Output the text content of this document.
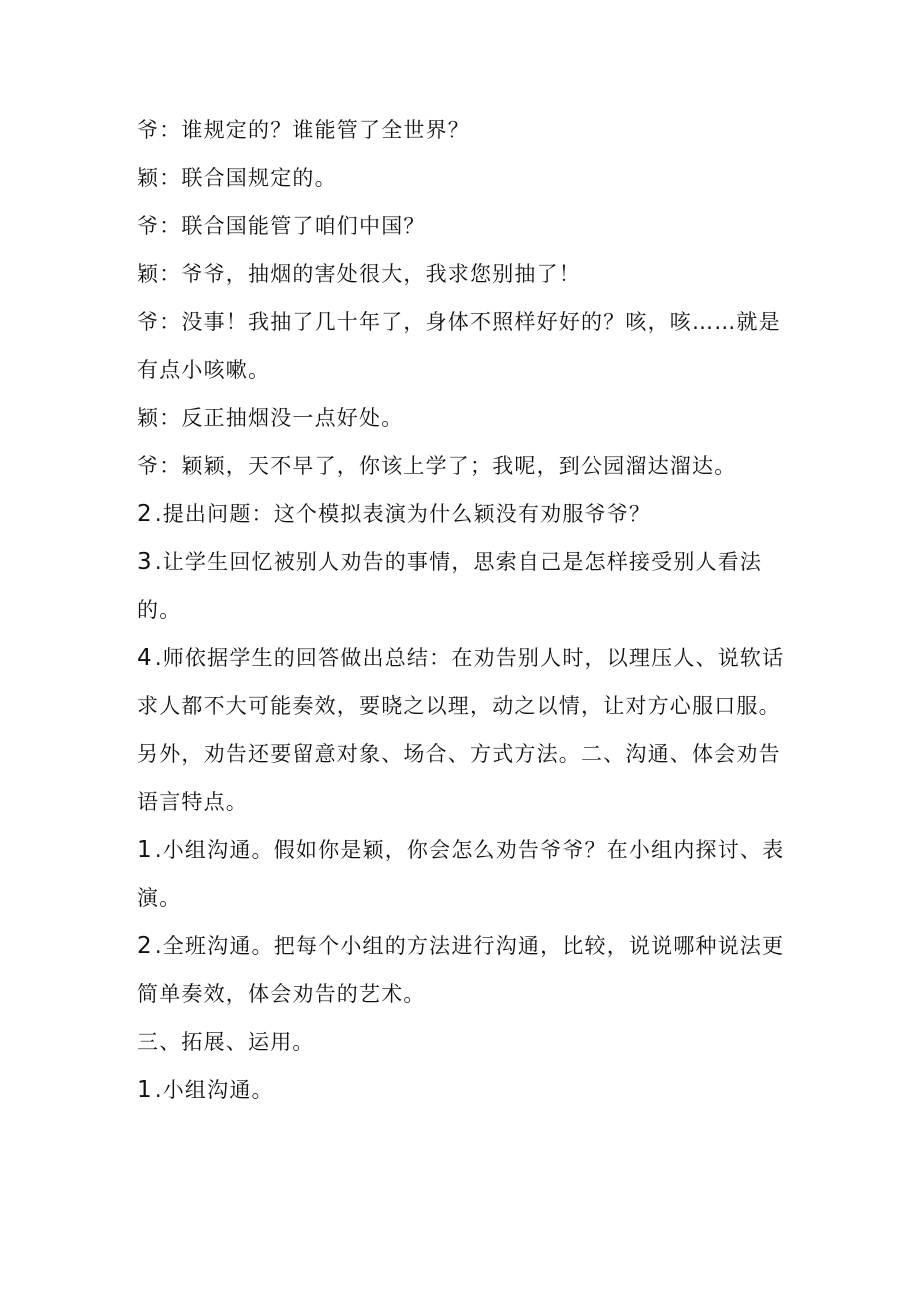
爷：谁规定的？谁能管了全世界？
颖：联合国规定的。
爷：联合国能管了咱们中国？
颖：爷爷，抽烟的害处很大，我求您别抽了！
爷：没事！我抽了几十年了，身体不照样好好的？咳，咳……就是
有点小咳嗽。
颖：反正抽烟没一点好处。
爷：颖颖，天不早了，你该上学了；我呢，到公园溜达溜达。
2.提出问题：这个模拟表演为什么颖没有劝服爷爷？
3.让学生回忆被别人劝告的事情，思索自己是怎样接受别人看法
的。
4.师依据学生的回答做出总结：在劝告别人时，以理压人、说软话
求人都不大可能奏效，要晓之以理，动之以情，让对方心服口服。
另外，劝告还要留意对象、场合、方式方法。二、沟通、体会劝告
语言特点。
1.小组沟通。假如你是颖，你会怎么劝告爷爷？在小组内探讨、表
演。
2.全班沟通。把每个小组的方法进行沟通，比较，说说哪种说法更
简单奏效，体会劝告的艺术。
三、拓展、运用。
1.小组沟通。
